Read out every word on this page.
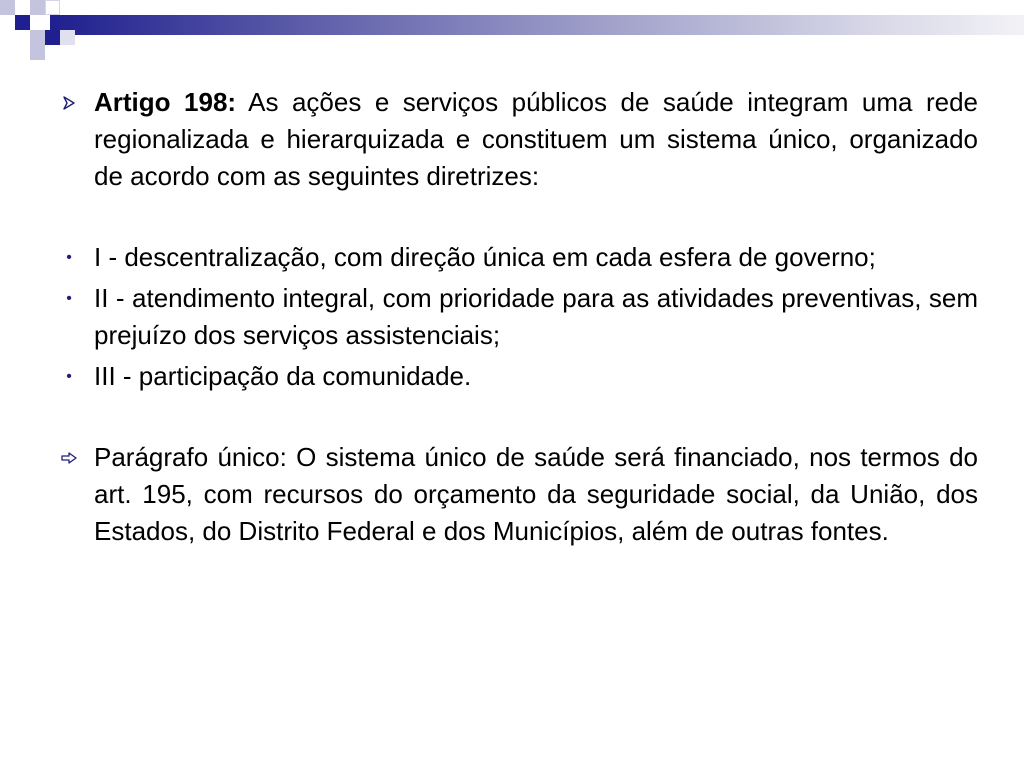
Artigo 198: As ações e serviços públicos de saúde integram uma rede regionalizada e hierarquizada e constituem um sistema único, organizado de acordo com as seguintes diretrizes:
• I - descentralização, com direção única em cada esfera de governo;
• II - atendimento integral, com prioridade para as atividades preventivas, sem prejuízo dos serviços assistenciais;
• III - participação da comunidade.
Parágrafo único: O sistema único de saúde será financiado, nos termos do art. 195, com recursos do orçamento da seguridade social, da União, dos Estados, do Distrito Federal e dos Municípios, além de outras fontes.
